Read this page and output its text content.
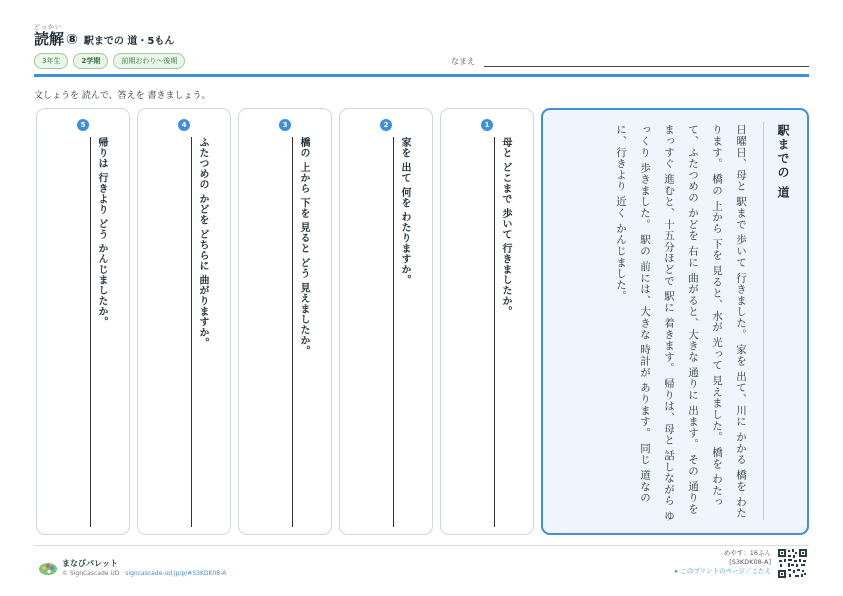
どっかい
読解 ⑧ 駅までの 道・5もん
3年生	2学期	前期おわり〜後期	なまえ
文しょうを 読んで、答えを 書きましょう。
1
母と どこまで 歩いて 行きましたか。
2
家を 出て 何を わたりますか。
3
橋の 上から 下を 見ると どう 見えましたか。
4
ふたつめの かどを どちらに 曲がりますか。
5
帰りは 行きより どう かんじましたか。	駅までの 道
日曜日、母と 駅まで 歩いて 行きました。 家を 出て、川に かかる 橋を わたります。 橋の 上から 下を 見ると、水が 光って 見えました。 橋を わたって、ふたつめの かどを 右に 曲がると、大きな 通りに 出ます。 その 通りを まっすぐ 進むと、十五分ほどで 駅に 着きます。 帰りは、母と 話しながら ゆっくり 歩きました。 駅の 前には、大きな 時計が あります。 同じ 道なのに、行きより 近く かんじました。
まなびパレット
© SignCascade UD signcascade-ud.jp/p/#S3KDK08-A
めやす：16ふん
[S3KDK08-A]
▸ このプリントのページ／こたえ
